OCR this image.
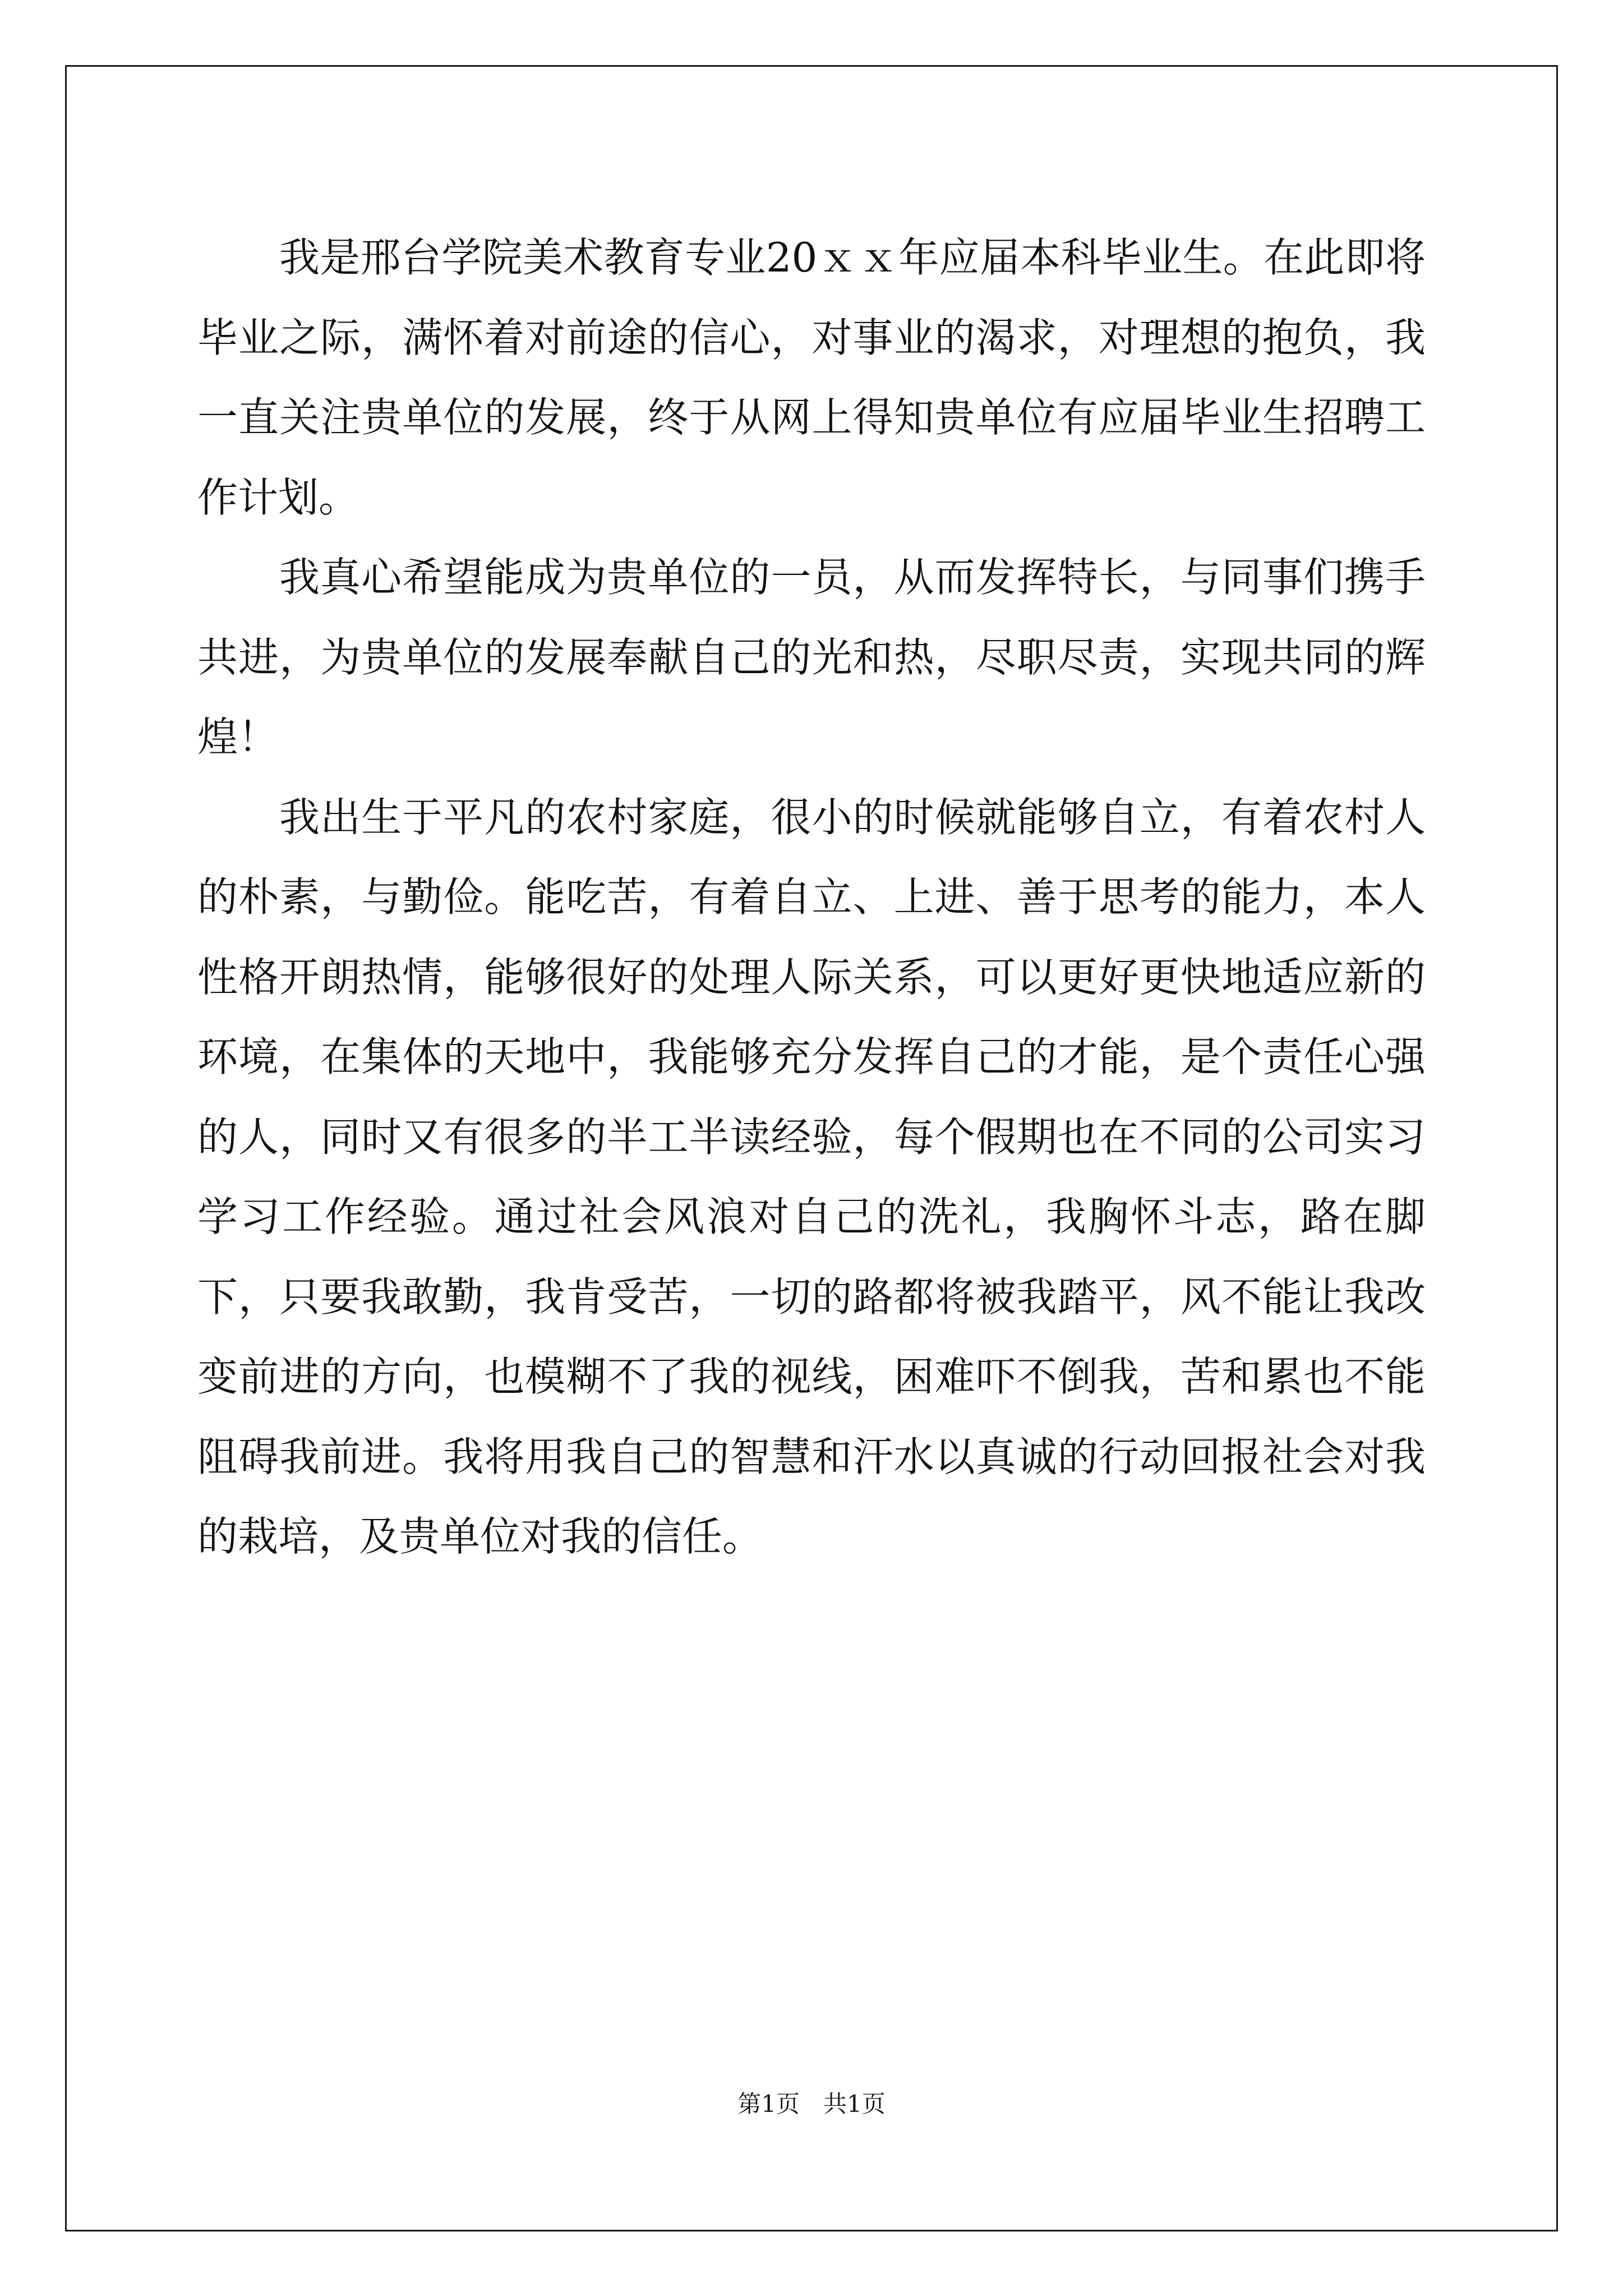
我是邢台学院美术教育专业20ｘｘ年应届本科毕业生。在此即将毕业之际，满怀着对前途的信心，对事业的渴求，对理想的抱负，我一直关注贵单位的发展，终于从网上得知贵单位有应届毕业生招聘工作计划。

我真心希望能成为贵单位的一员，从而发挥特长，与同事们携手共进，为贵单位的发展奉献自己的光和热，尽职尽责，实现共同的辉煌！

我出生于平凡的农村家庭，很小的时候就能够自立，有着农村人的朴素，与勤俭。能吃苦，有着自立、上进、善于思考的能力，本人性格开朗热情，能够很好的处理人际关系，可以更好更快地适应新的环境，在集体的天地中，我能够充分发挥自己的才能，是个责任心强的人，同时又有很多的半工半读经验，每个假期也在不同的公司实习学习工作经验。通过社会风浪对自己的洗礼，我胸怀斗志，路在脚下，只要我敢勤，我肯受苦，一切的路都将被我踏平，风不能让我改变前进的方向，也模糊不了我的视线，困难吓不倒我，苦和累也不能阻碍我前进。我将用我自己的智慧和汗水以真诚的行动回报社会对我的栽培，及贵单位对我的信任。

第1页　共1页
